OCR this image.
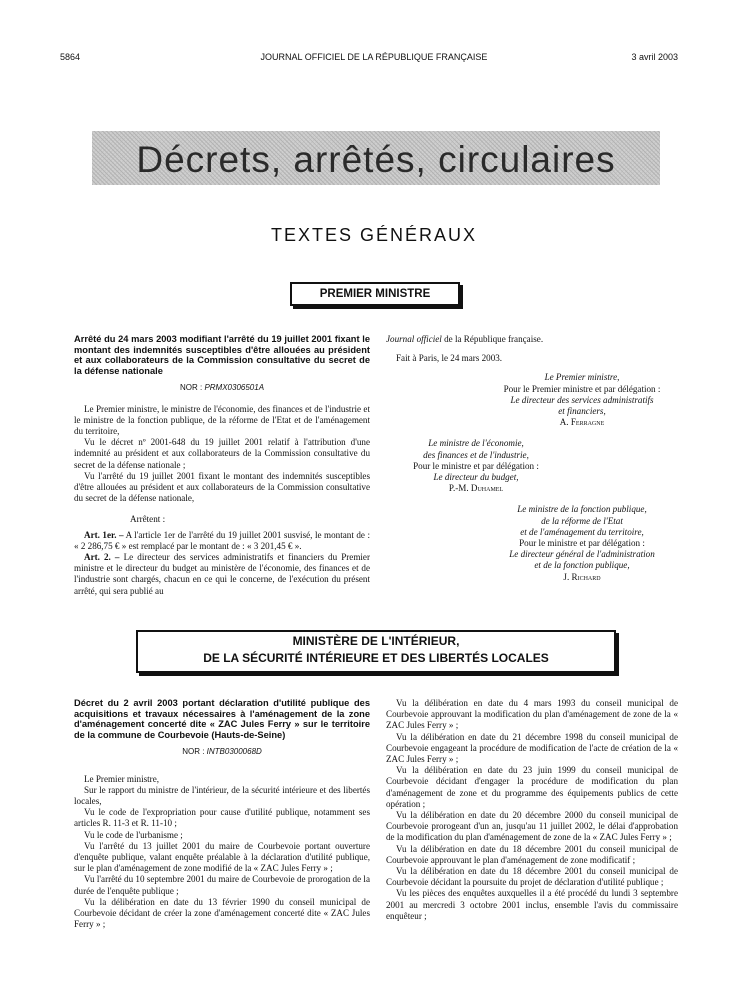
5864	JOURNAL OFFICIEL DE LA RÉPUBLIQUE FRANÇAISE	3 avril 2003
Décrets, arrêtés, circulaires
TEXTES GÉNÉRAUX
PREMIER MINISTRE

Arrêté du 24 mars 2003 modifiant l'arrêté du 19 juillet 2001 fixant le montant des indemnités susceptibles d'être allouées au président et aux collaborateurs de la Commission consultative du secret de la défense nationale

NOR : PRMX0306501A

Le Premier ministre, le ministre de l'économie, des finances et de l'industrie et le ministre de la fonction publique, de la réforme de l'Etat et de l'aménagement du territoire,

Vu le décret nº 2001-648 du 19 juillet 2001 relatif à l'attribution d'une indemnité au président et aux collaborateurs de la Commission consultative du secret de la défense nationale ;

Vu l'arrêté du 19 juillet 2001 fixant le montant des indemnités susceptibles d'être allouées au président et aux collaborateurs de la Commission consultative du secret de la défense nationale,

Arrêtent :

Art. 1er. – A l'article 1er de l'arrêté du 19 juillet 2001 susvisé, le montant de : « 2 286,75 € » est remplacé par le montant de : « 3 201,45 € ».

Art. 2. – Le directeur des services administratifs et financiers du Premier ministre et le directeur du budget au ministère de l'économie, des finances et de l'industrie sont chargés, chacun en ce qui le concerne, de l'exécution du présent arrêté, qui sera publié au

Journal officiel de la République française.

Fait à Paris, le 24 mars 2003.

Le Premier ministre,
Pour le Premier ministre et par délégation :
Le directeur des services administratifs
et financiers,
A. Ferragne
Le ministre de l'économie,
des finances et de l'industrie,
Pour le ministre et par délégation :
Le directeur du budget,
P.-M. Duhamel
Le ministre de la fonction publique,
de la réforme de l'Etat
et de l'aménagement du territoire,
Pour le ministre et par délégation :
Le directeur général de l'administration
et de la fonction publique,
J. Richard
MINISTÈRE DE L'INTÉRIEUR,
DE LA SÉCURITÉ INTÉRIEURE ET DES LIBERTÉS LOCALES

Décret du 2 avril 2003 portant déclaration d'utilité publique des acquisitions et travaux nécessaires à l'aménagement de la zone d'aménagement concerté dite « ZAC Jules Ferry » sur le territoire de la commune de Courbevoie (Hauts-de-Seine)

NOR : INTB0300068D

Le Premier ministre,

Sur le rapport du ministre de l'intérieur, de la sécurité intérieure et des libertés locales,

Vu le code de l'expropriation pour cause d'utilité publique, notamment ses articles R. 11-3 et R. 11-10 ;

Vu le code de l'urbanisme ;

Vu l'arrêté du 13 juillet 2001 du maire de Courbevoie portant ouverture d'enquête publique, valant enquête préalable à la déclaration d'utilité publique, sur le plan d'aménagement de zone modifié de la « ZAC Jules Ferry » ;

Vu l'arrêté du 10 septembre 2001 du maire de Courbevoie de prorogation de la durée de l'enquête publique ;

Vu la délibération en date du 13 février 1990 du conseil municipal de Courbevoie décidant de créer la zone d'aménagement concerté dite « ZAC Jules Ferry » ;

Vu la délibération en date du 4 mars 1993 du conseil municipal de Courbevoie approuvant la modification du plan d'aménagement de zone de la « ZAC Jules Ferry » ;

Vu la délibération en date du 21 décembre 1998 du conseil municipal de Courbevoie engageant la procédure de modification de l'acte de création de la « ZAC Jules Ferry » ;

Vu la délibération en date du 23 juin 1999 du conseil municipal de Courbevoie décidant d'engager la procédure de modification du plan d'aménagement de zone et du programme des équipements publics de cette opération ;

Vu la délibération en date du 20 décembre 2000 du conseil municipal de Courbevoie prorogeant d'un an, jusqu'au 11 juillet 2002, le délai d'approbation de la modification du plan d'aménagement de zone de la « ZAC Jules Ferry » ;

Vu la délibération en date du 18 décembre 2001 du conseil municipal de Courbevoie approuvant le plan d'aménagement de zone modificatif ;

Vu la délibération en date du 18 décembre 2001 du conseil municipal de Courbevoie décidant la poursuite du projet de déclaration d'utilité publique ;

Vu les pièces des enquêtes auxquelles il a été procédé du lundi 3 septembre 2001 au mercredi 3 octobre 2001 inclus, ensemble l'avis du commissaire enquêteur ;
